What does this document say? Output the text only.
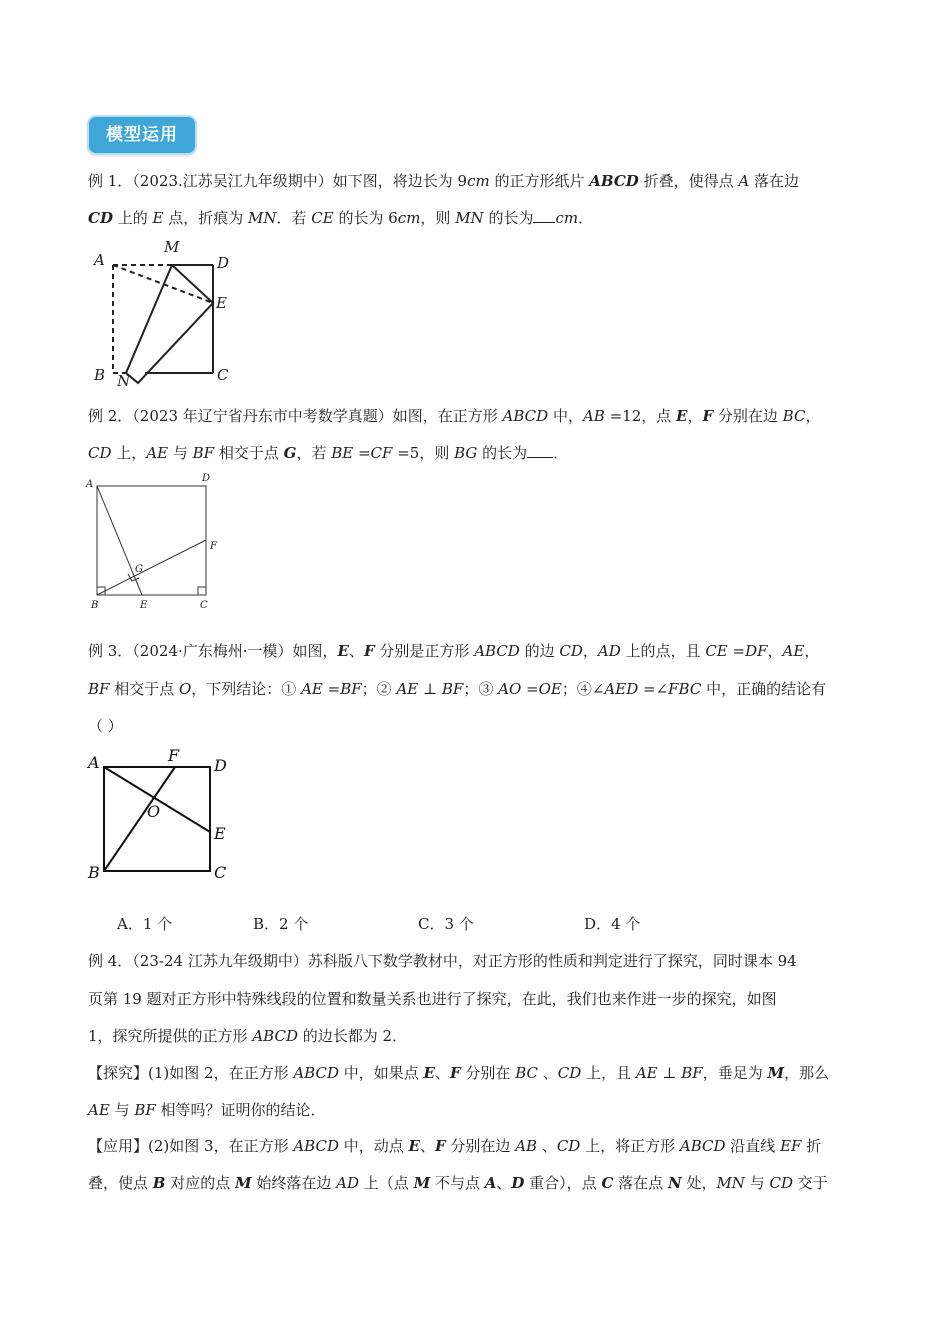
模型运用
例 1．（2023.江苏吴江九年级期中）如下图，将边长为 9cm 的正方形纸片 ABCD 折叠，使得点 A 落在边
CD 上的 E 点，折痕为 MN．若 CE 的长为 6cm，则 MN 的长为 cm．
A
M
D
E
B N	C
例 2．（2023 年辽宁省丹东市中考数学真题）如图，在正方形 ABCD 中，AB =12，点 E，F 分别在边 BC，
CD 上，AE 与 BF 相交于点 G，若 BE =CF =5，则 BG 的长为 ．
A
D
F
G
B	E	C
例 3．（2024·广东梅州·一模）如图，E、F 分别是正方形 ABCD 的边 CD，AD 上的点，且 CE =DF，AE，
BF 相交于点 O，下列结论：① AE =BF；② AE ⊥ BF；③ AO =OE；④∠AED =∠FBC 中，正确的结论有
（ ）
A	F
D
O
E
B	C
A．1 个	B．2 个	C．3 个	D．4 个
例 4．（23-24 江苏九年级期中）苏科版八下数学教材中，对正方形的性质和判定进行了探究，同时课本 94
页第 19 题对正方形中特殊线段的位置和数量关系也进行了探究，在此，我们也来作进一步的探究，如图
1，探究所提供的正方形 ABCD 的边长都为 2．
【探究】(1)如图 2，在正方形 ABCD 中，如果点 E、F 分别在 BC 、CD 上，且 AE ⊥ BF，垂足为 M，那么
AE 与 BF 相等吗？证明你的结论．
【应用】(2)如图 3，在正方形 ABCD 中，动点 E、F 分别在边 AB 、CD 上，将正方形 ABCD 沿直线 EF 折
叠，使点 B 对应的点 M 始终落在边 AD 上（点 M 不与点 A、D 重合），点 C 落在点 N 处，MN 与 CD 交于
